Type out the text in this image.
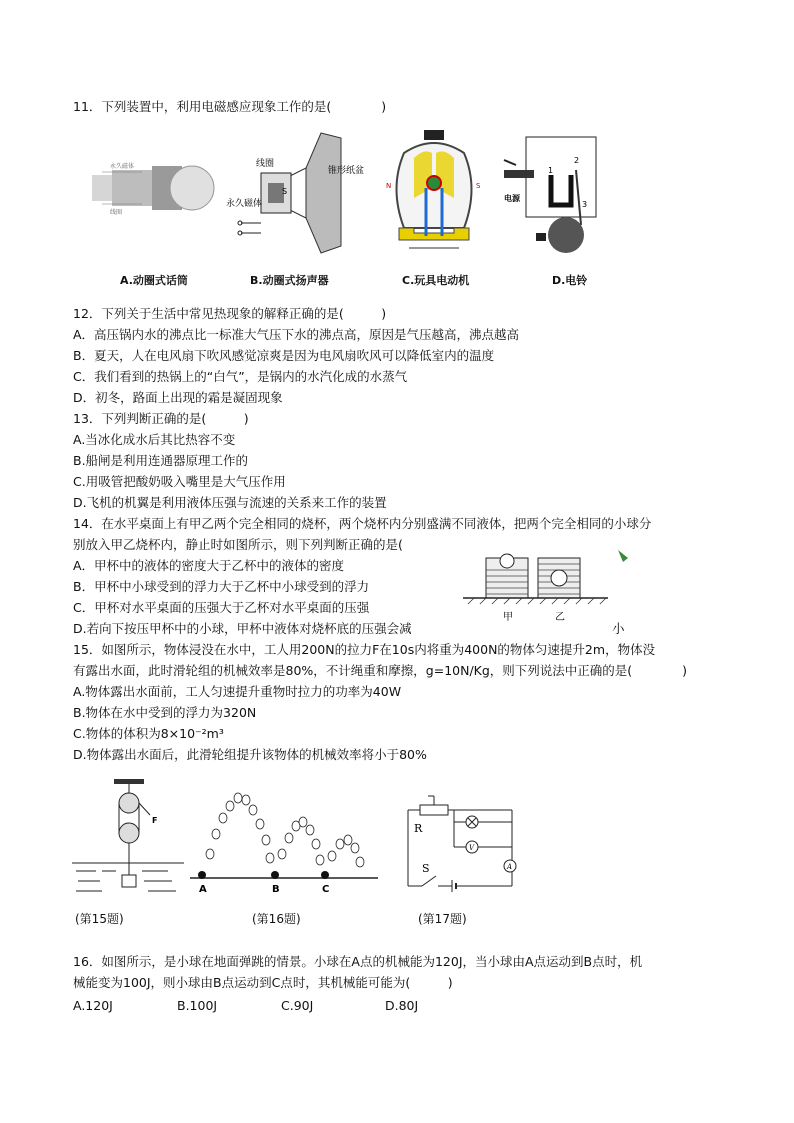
11．下列装置中，利用电磁感应现象工作的是(　　　　)
永久磁体
线圈
线圈
锥形纸盆
永久磁体
S
N	S
1
2
3
电源
A.动圈式话筒	B.动圈式扬声器	C.玩具电动机	D.电铃
12．下列关于生活中常见热现象的解释正确的是(　　　)
A．高压锅内水的沸点比一标准大气压下水的沸点高，原因是气压越高，沸点越高
B．夏天，人在电风扇下吹风感觉凉爽是因为电风扇吹风可以降低室内的温度
C．我们看到的热锅上的“白气”，是锅内的水汽化成的水蒸气
D．初冬，路面上出现的霜是凝固现象
13．下列判断正确的是(　　　)
A.当冰化成水后其比热容不变
B.船闸是利用连通器原理工作的
C.用吸管把酸奶吸入嘴里是大气压作用
D.飞机的机翼是利用液体压强与流速的关系来工作的装置
14．在水平桌面上有甲乙两个完全相同的烧杯，两个烧杯内分别盛满不同液体，把两个完全相同的小球分
别放入甲乙烧杯内，静止时如图所示，则下列判断正确的是(
A．甲杯中的液体的密度大于乙杯中的液体的密度
B．甲杯中小球受到的浮力大于乙杯中小球受到的浮力
C．甲杯对水平桌面的压强大于乙杯对水平桌面的压强
D.若向下按压甲杯中的小球，甲杯中液体对烧杯底的压强会减	小
甲	乙
15．如图所示，物体浸没在水中，工人用200N的拉力F在10s内将重为400N的物体匀速提升2m，物体没
有露出水面，此时滑轮组的机械效率是80%，不计绳重和摩擦，g=10N/Kg，则下列说法中正确的是(　　　　)
A.物体露出水面前，工人匀速提升重物时拉力的功率为40W
B.物体在水中受到的浮力为320N
C.物体的体积为8×10⁻²m³
D.物体露出水面后，此滑轮组提升该物体的机械效率将小于80%
F
A	B	C
R
S
V
A
(第15题)	(第16题)	(第17题)
16．如图所示，是小球在地面弹跳的情景。小球在A点的机械能为120J，当小球由A点运动到B点时，机
械能变为100J，则小球由B点运动到C点时，其机械能可能为(　　　)
A.120J	B.100J	C.90J	D.80J
